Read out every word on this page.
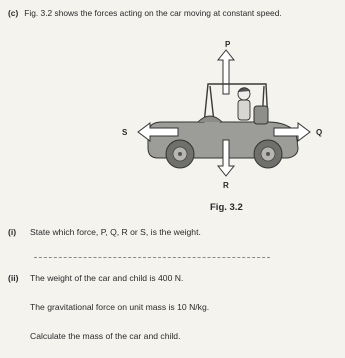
(c) Fig. 3.2 shows the forces acting on the car moving at constant speed.
P
S	Q
R
Fig. 3.2
(i) State which force, P, Q, R or S, is the weight.
(ii) The weight of the car and child is 400 N.
The gravitational force on unit mass is 10 N/kg.
Calculate the mass of the car and child.
